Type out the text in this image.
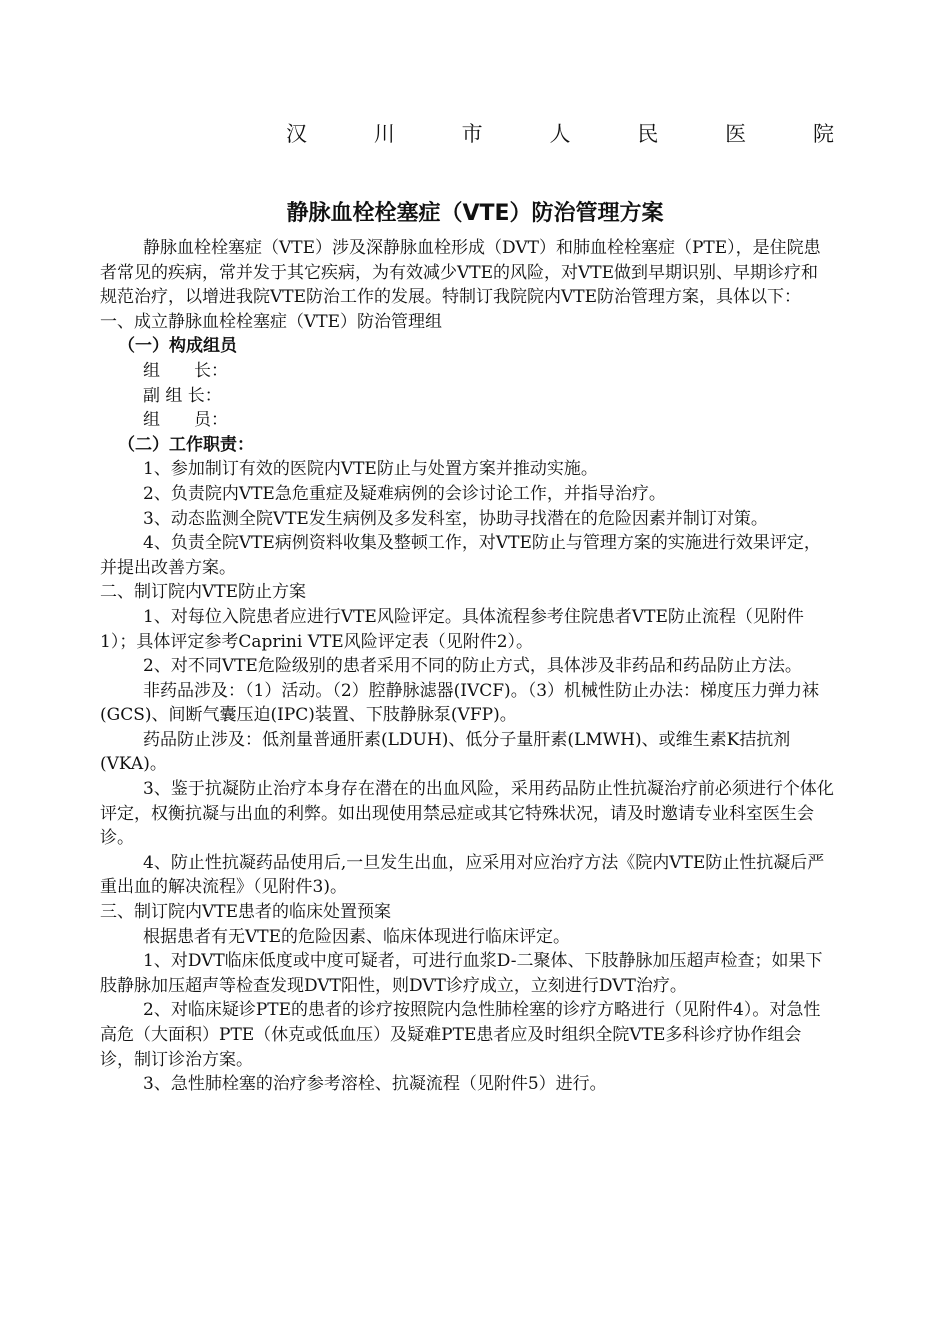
汉	川	市	人	民	医	院
静脉血栓栓塞症（VTE）防治管理方案

静脉血栓栓塞症（VTE）涉及深静脉血栓形成（DVT）和肺血栓栓塞症（PTE），是住院患者常见的疾病，常并发于其它疾病，为有效减少VTE的风险，对VTE做到早期识别、早期诊疗和规范治疗，以增进我院VTE防治工作的发展。特制订我院院内VTE防治管理方案，具体以下：

一、成立静脉血栓栓塞症（VTE）防治管理组

（一）构成组员

组　　长：

副 组 长：

组　　员：

（二）工作职责：

1、参加制订有效的医院内VTE防止与处置方案并推动实施。

2、负责院内VTE急危重症及疑难病例的会诊讨论工作，并指导治疗。

3、动态监测全院VTE发生病例及多发科室，协助寻找潜在的危险因素并制订对策。

4、负责全院VTE病例资料收集及整顿工作，对VTE防止与管理方案的实施进行效果评定，并提出改善方案。

二、制订院内VTE防止方案

1、对每位入院患者应进行VTE风险评定。具体流程参考住院患者VTE防止流程（见附件1）；具体评定参考Caprini VTE风险评定表（见附件2）。

2、对不同VTE危险级别的患者采用不同的防止方式，具体涉及非药品和药品防止方法。

非药品涉及：（1）活动。（2）腔静脉滤器(IVCF)。（3）机械性防止办法：梯度压力弹力袜(GCS)、间断气囊压迫(IPC)装置、下肢静脉泵(VFP)。

药品防止涉及：低剂量普通肝素(LDUH)、低分子量肝素(LMWH)、或维生素K拮抗剂(VKA)。

3、鉴于抗凝防止治疗本身存在潜在的出血风险，采用药品防止性抗凝治疗前必须进行个体化评定，权衡抗凝与出血的利弊。如出现使用禁忌症或其它特殊状况，请及时邀请专业科室医生会诊。

4、防止性抗凝药品使用后,一旦发生出血，应采用对应治疗方法《院内VTE防止性抗凝后严重出血的解决流程》（见附件3)。

三、制订院内VTE患者的临床处置预案

根据患者有无VTE的危险因素、临床体现进行临床评定。

1、对DVT临床低度或中度可疑者，可进行血浆D-二聚体、下肢静脉加压超声检查；如果下肢静脉加压超声等检查发现DVT阳性，则DVT诊疗成立，立刻进行DVT治疗。

2、对临床疑诊PTE的患者的诊疗按照院内急性肺栓塞的诊疗方略进行（见附件4）。对急性高危（大面积）PTE（休克或低血压）及疑难PTE患者应及时组织全院VTE多科诊疗协作组会诊，制订诊治方案。

3、急性肺栓塞的治疗参考溶栓、抗凝流程（见附件5）进行。
